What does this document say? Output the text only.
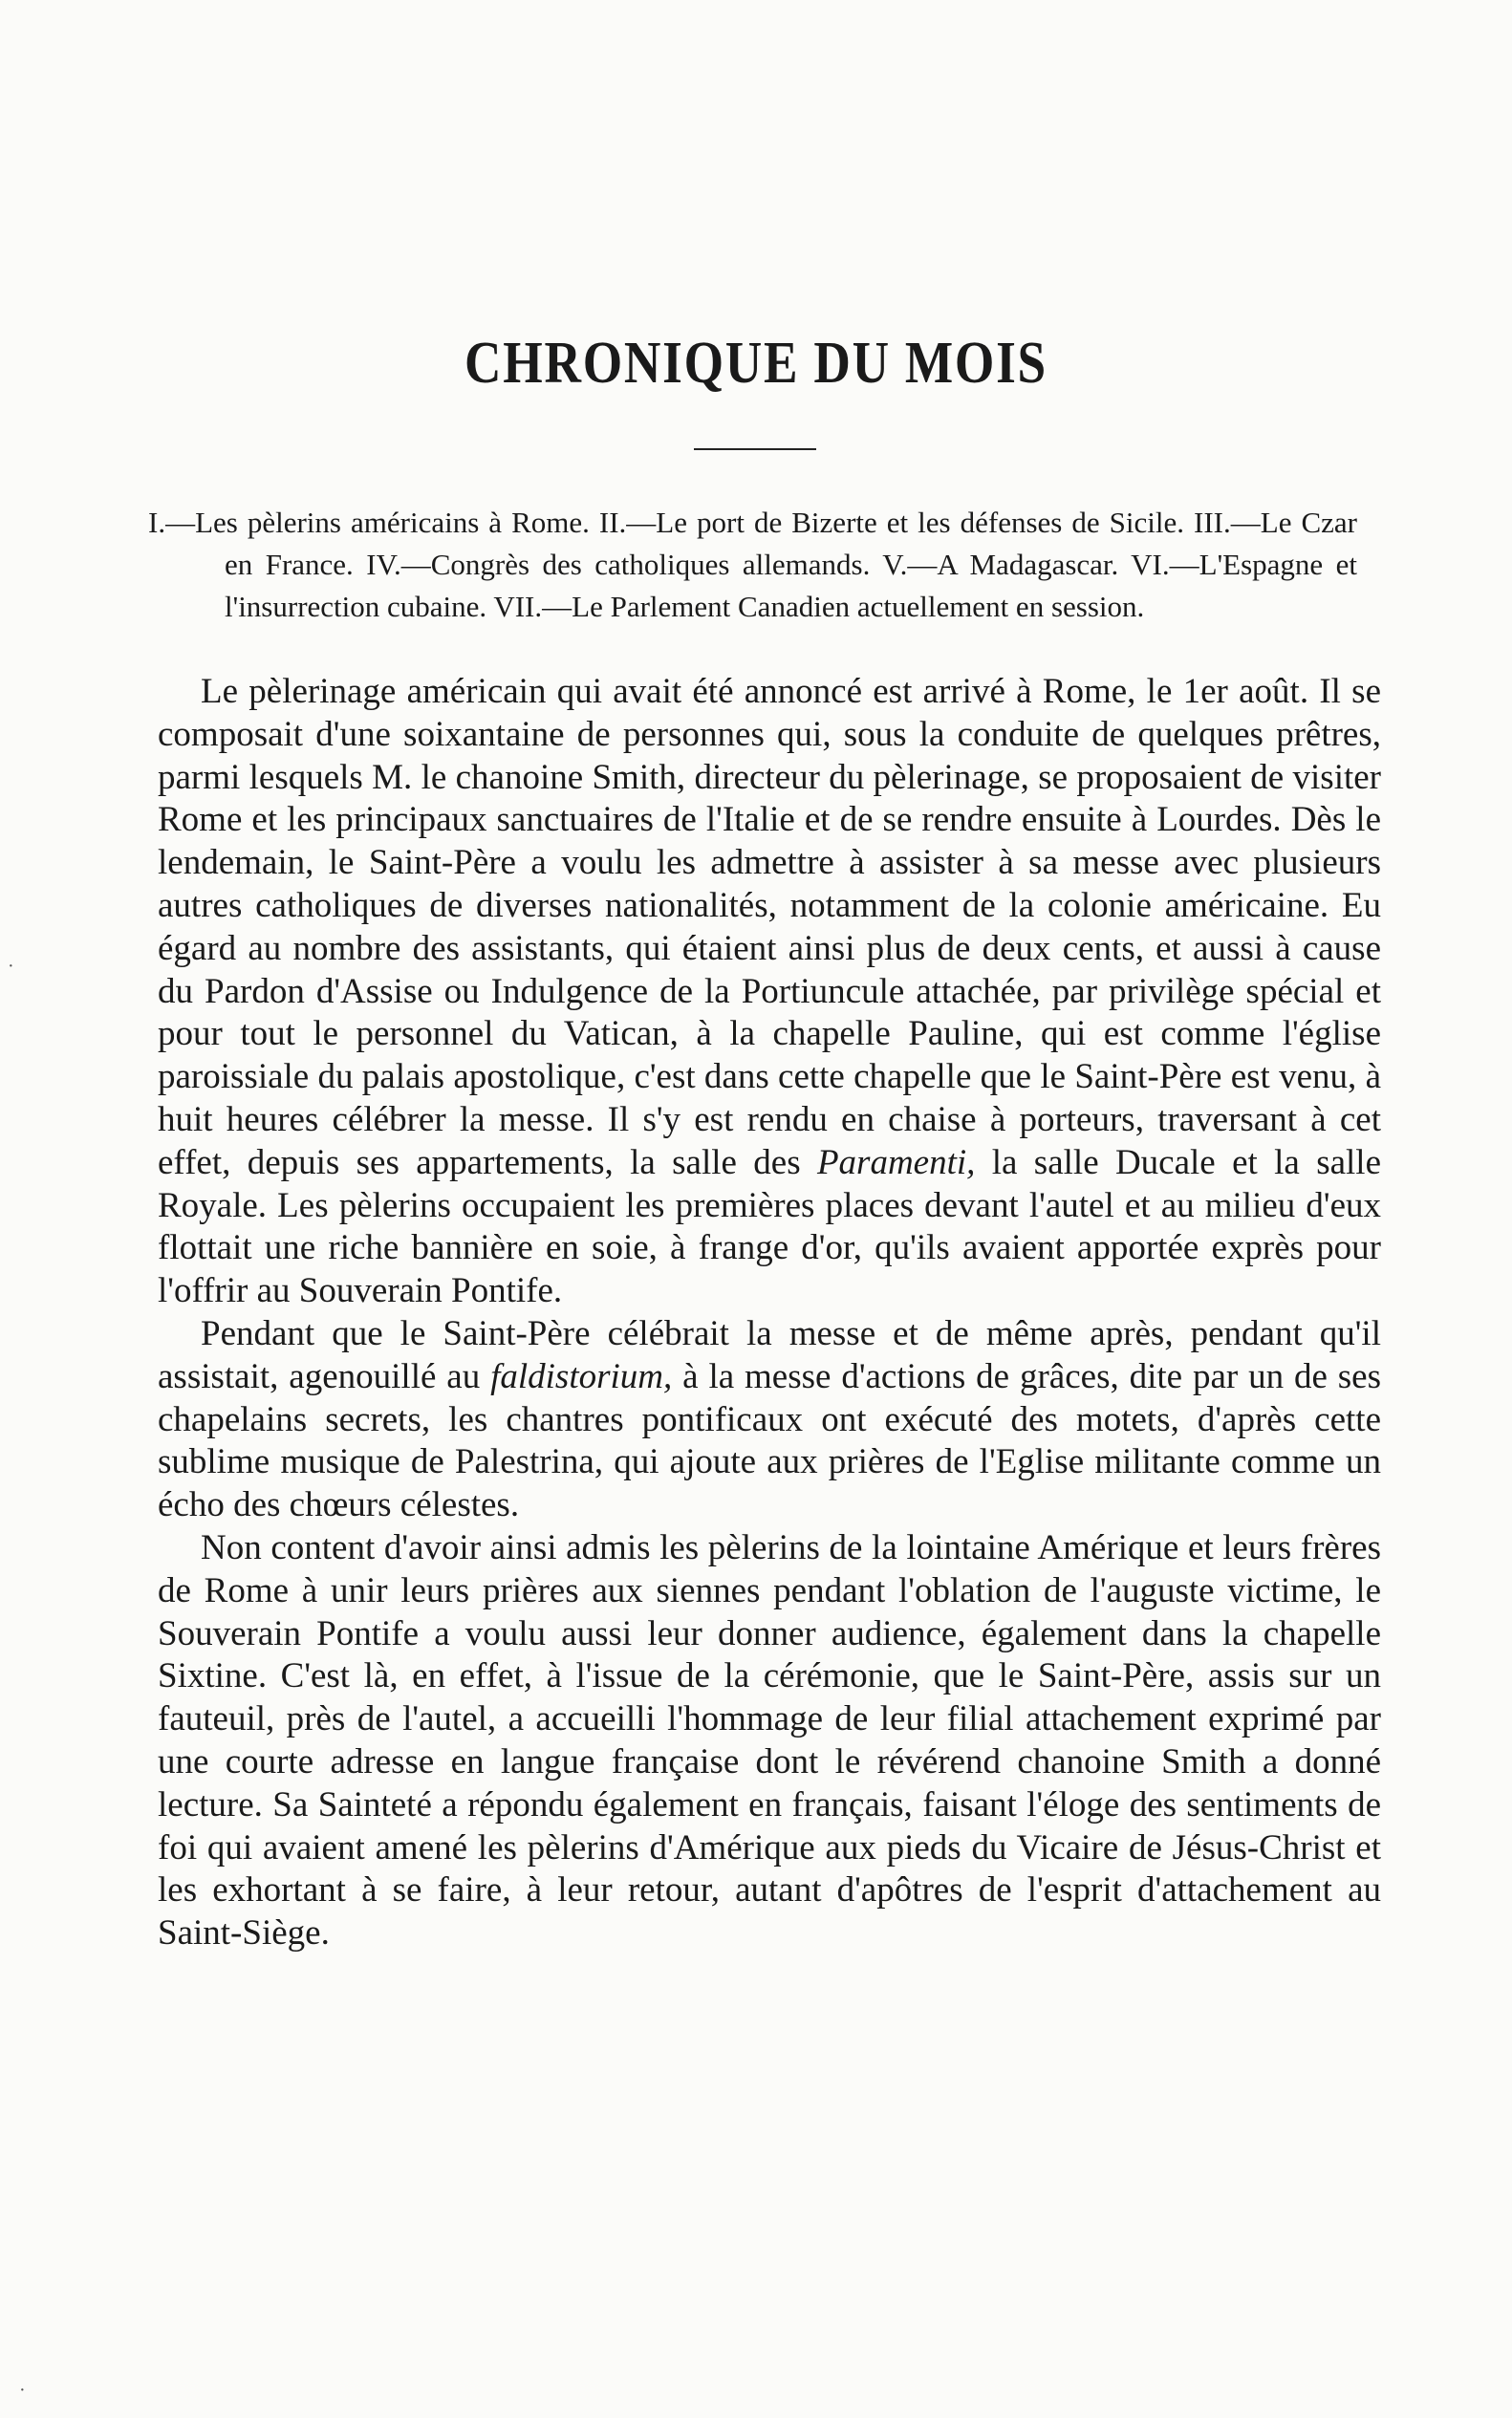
CHRONIQUE DU MOIS
I.—Les pèlerins américains à Rome. II.—Le port de Bizerte et les défenses de Sicile. III.—Le Czar en France. IV.—Congrès des catholiques allemands. V.—A Madagascar. VI.—L'Espagne et l'insurrection cubaine. VII.—Le Parlement Canadien actuellement en session.

Le pèlerinage américain qui avait été annoncé est arrivé à Rome, le 1er août. Il se composait d'une soixantaine de personnes qui, sous la conduite de quelques prêtres, parmi lesquels M. le chanoine Smith, directeur du pèlerinage, se proposaient de visiter Rome et les principaux sanctuaires de l'Italie et de se rendre ensuite à Lourdes. Dès le lendemain, le Saint-Père a voulu les admettre à assister à sa messe avec plusieurs autres catholiques de diverses nationalités, notamment de la colonie américaine. Eu égard au nombre des assistants, qui étaient ainsi plus de deux cents, et aussi à cause du Pardon d'Assise ou Indulgence de la Portiuncule attachée, par privilège spécial et pour tout le personnel du Vatican, à la chapelle Pauline, qui est comme l'église paroissiale du palais apostolique, c'est dans cette chapelle que le Saint-Père est venu, à huit heures célébrer la messe. Il s'y est rendu en chaise à porteurs, traversant à cet effet, depuis ses appartements, la salle des Paramenti, la salle Ducale et la salle Royale. Les pèlerins occupaient les premières places devant l'autel et au milieu d'eux flottait une riche bannière en soie, à frange d'or, qu'ils avaient apportée exprès pour l'offrir au Souverain Pontife.

Pendant que le Saint-Père célébrait la messe et de même après, pendant qu'il assistait, agenouillé au faldistorium, à la messe d'actions de grâces, dite par un de ses chapelains secrets, les chantres pontificaux ont exécuté des motets, d'après cette sublime musique de Palestrina, qui ajoute aux prières de l'Eglise militante comme un écho des chœurs célestes.

Non content d'avoir ainsi admis les pèlerins de la lointaine Amérique et leurs frères de Rome à unir leurs prières aux siennes pendant l'oblation de l'auguste victime, le Souverain Pontife a voulu aussi leur donner audience, également dans la chapelle Sixtine. C'est là, en effet, à l'issue de la cérémonie, que le Saint-Père, assis sur un fauteuil, près de l'autel, a accueilli l'hommage de leur filial attachement exprimé par une courte adresse en langue française dont le révérend chanoine Smith a donné lecture. Sa Sainteté a répondu également en français, faisant l'éloge des sentiments de foi qui avaient amené les pèlerins d'Amérique aux pieds du Vicaire de Jésus-Christ et les exhortant à se faire, à leur retour, autant d'apôtres de l'esprit d'attachement au Saint-Siège.

·
·
